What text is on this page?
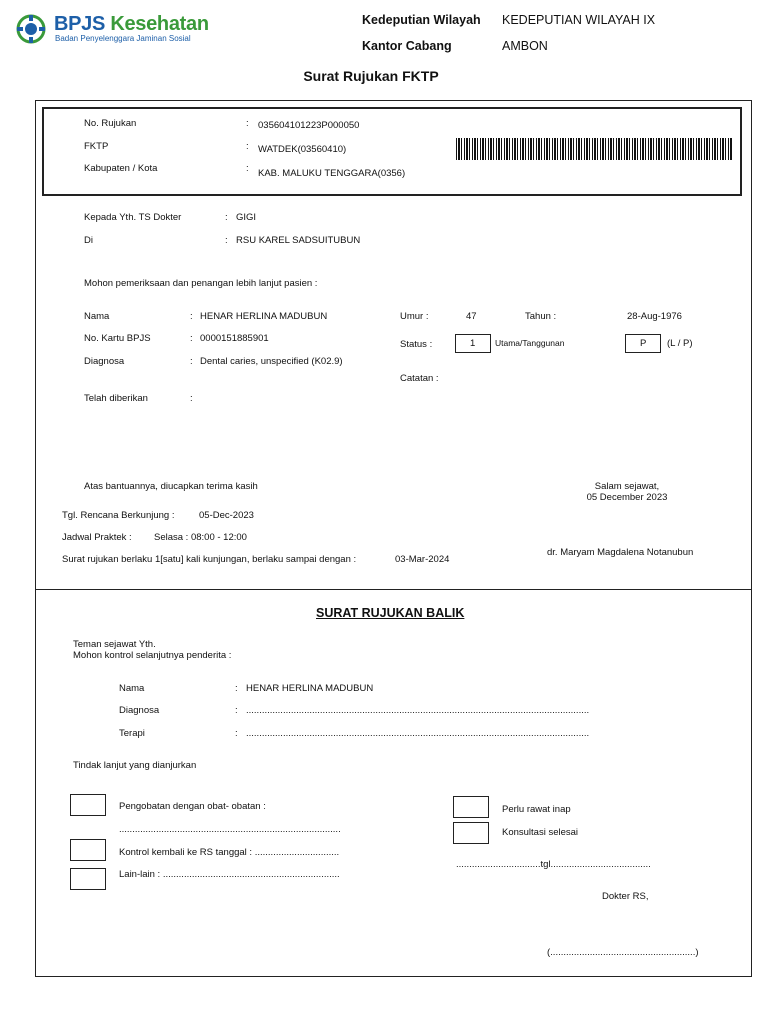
BPJS Kesehatan
Badan Penyelenggara Jaminan Sosial
Kedeputian Wilayah KEDEPUTIAN WILAYAH IX
Kantor Cabang	AMBON
Surat Rujukan FKTP
No. Rujukan	: 035604101223P000050
FKTP	: WATDEK(03560410)
Kabupaten / Kota	: KAB. MALUKU TENGGARA(0356)
Kepada Yth. TS Dokter	: GIGI
Di	: RSU KAREL SADSUITUBUN
Mohon pemeriksaan dan penangan lebih lanjut pasien :
Nama	: HENAR HERLINA MADUBUN
No. Kartu BPJS	: 0000151885901
Diagnosa	: Dental caries, unspecified (K02.9)
Telah diberikan	:
Umur :	47	Tahun :	28-Aug-1976
Status :	1 Utama/Tanggunan	P (L / P)
Catatan :
Atas bantuannya, diucapkan terima kasih	Salam sejawat,
05 December 2023
Tgl. Rencana Berkunjung :	05-Dec-2023
Jadwal Praktek : Selasa : 08:00 - 12:00
Surat rujukan berlaku 1[satu] kali kunjungan, berlaku sampai dengan :	03-Mar-2024
dr. Maryam Magdalena Notanubun
SURAT RUJUKAN BALIK
Teman sejawat Yth.
Mohon kontrol selanjutnya penderita :
Nama	: HENAR HERLINA MADUBUN
Diagnosa	: ..................................................................................................................................
Terapi	: ..................................................................................................................................
Tindak lanjut yang dianjurkan
Pengobatan dengan obat- obatan :
....................................................................................
Kontrol kembali ke RS tanggal : ................................
Lain-lain : ...................................................................
Perlu rawat inap
Konsultasi selesai
................................tgl......................................
Dokter RS,
(.......................................................)
